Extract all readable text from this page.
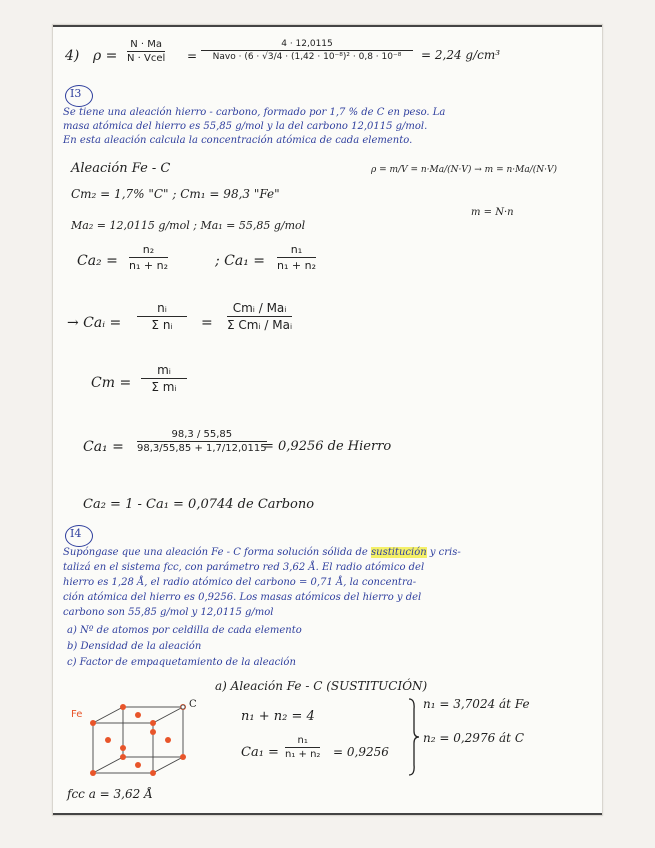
4) ρ =
N · Ma
N · Vcel =
4 · 12,0115
Navo · (6 · √3/4 · (1,42 · 10⁻⁸)² · 0,8 · 10⁻⁸ = 2,24 g/cm³
I3
Se tiene una aleación hierro - carbono, formado por 1,7 % de C en peso. La
masa atómica del hierro es 55,85 g/mol y la del carbono 12,0115 g/mol.
En esta aleación calcula la concentración atómica de cada elemento.
Aleación Fe - C	ρ = m/V = n·Ma/(N·V) → m = n·Ma/(N·V)
Cm₂ = 1,7% "C" ; Cm₁ = 98,3 "Fe"
Ma₂ = 12,0115 g/mol ; Ma₁ = 55,85 g/mol
m = N·n
Ca₂ =
n₂
n₁ + n₂	; Ca₁ =
n₁
n₁ + n₂
→ Caᵢ =
nᵢ
Σ nᵢ =
Cmᵢ / Maᵢ
Σ Cmᵢ / Maᵢ
Cm =
mᵢ
Σ mᵢ
Ca₁ =
98,3 / 55,85
98,3/55,85 + 1,7/12,0115
= 0,9256 de Hierro
Ca₂ = 1 - Ca₁ = 0,0744 de Carbono
I4
Supóngase que una aleación Fe - C forma solución sólida de sustitución y cris-
talizá en el sistema fcc, con parámetro red 3,62 Å. El radio atómico del
hierro es 1,28 Å, el radio atómico del carbono = 0,71 Å, la concentra-
ción atómica del hierro es 0,9256. Los masas atómicos del hierro y del
carbono son 55,85 g/mol y 12,0115 g/mol
a) Nº de atomos por celdilla de cada elemento
b) Densidad de la aleación
c) Factor de empaquetamiento de la aleación
a) Aleación Fe - C (SUSTITUCIÓN)
n₁ + n₂ = 4
Ca₁ =
n₁
n₁ + n₂ = 0,9256
n₁ = 3,7024 át Fe
n₂ = 0,2976 át C
Fe
C
fcc a = 3,62 Å
